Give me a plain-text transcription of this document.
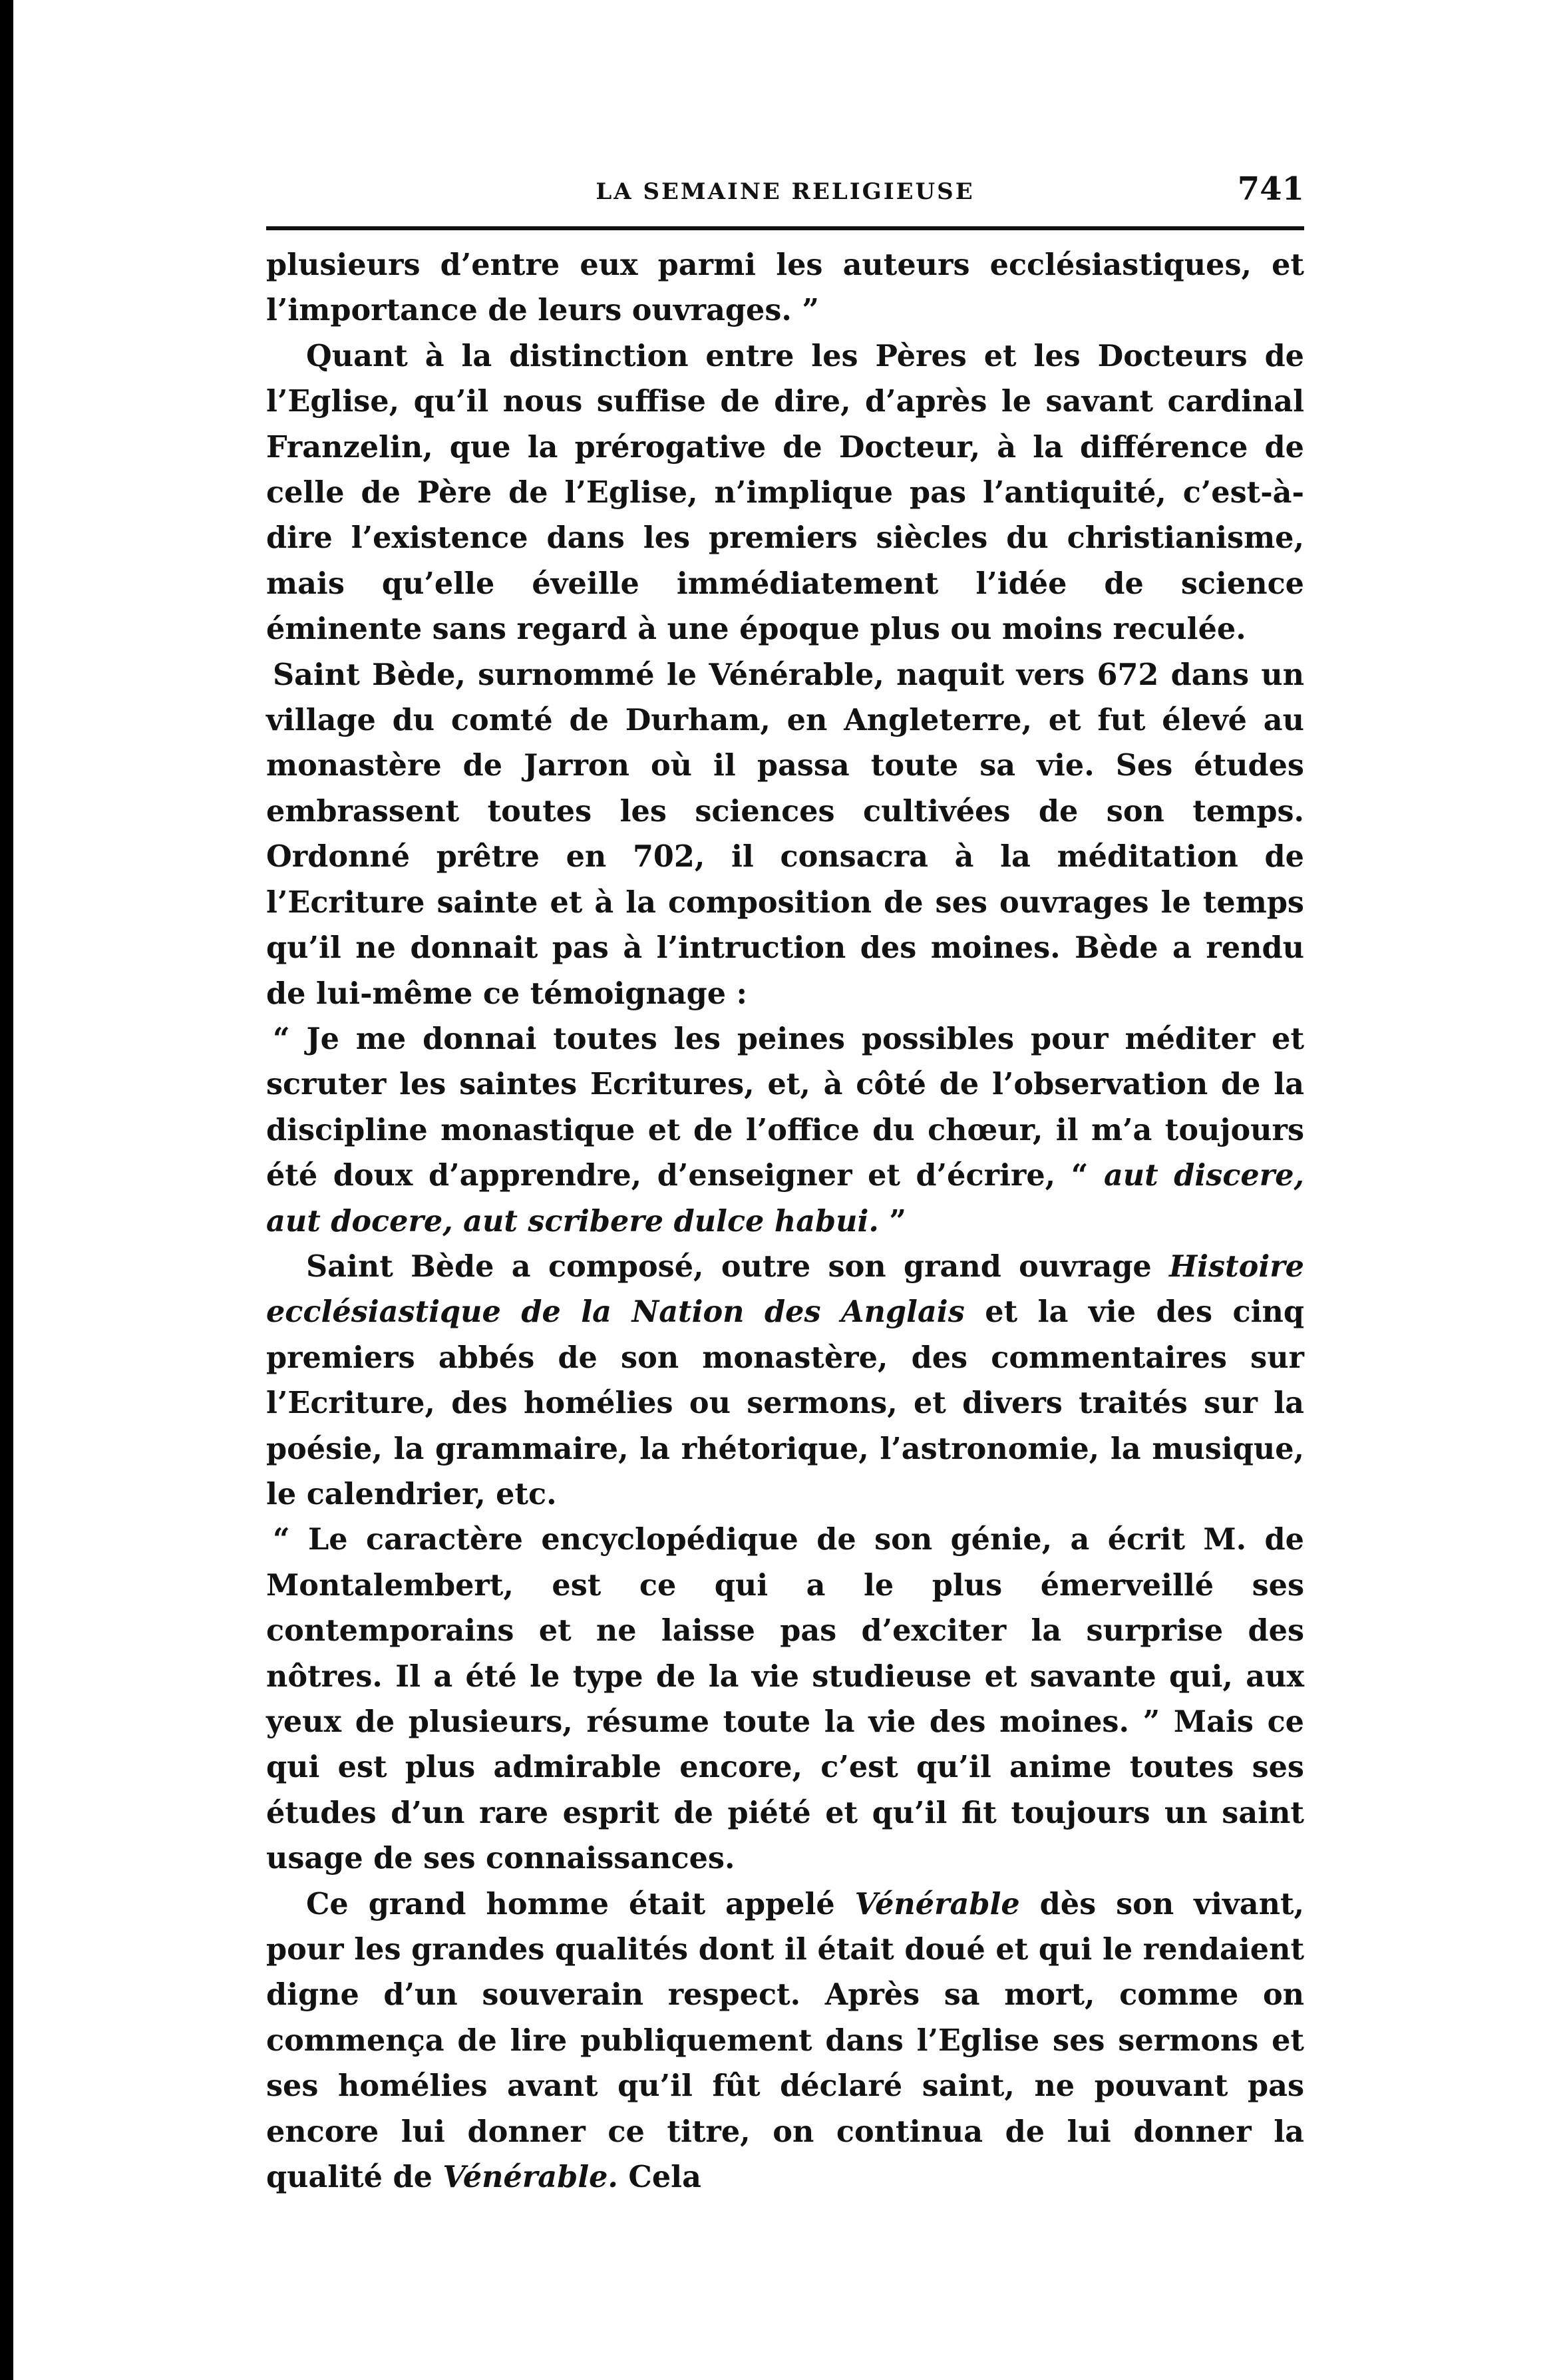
LA SEMAINE RELIGIEUSE	741

plusieurs d’entre eux parmi les auteurs ecclésiastiques, et l’importance de leurs ouvrages. ”

Quant à la distinction entre les Pères et les Docteurs de l’Eglise, qu’il nous suffise de dire, d’après le savant cardinal Franzelin, que la prérogative de Docteur, à la différence de celle de Père de l’Eglise, n’implique pas l’antiquité, c’est-à-dire l’existence dans les premiers siècles du christianisme, mais qu’elle éveille immédiatement l’idée de science éminente sans regard à une époque plus ou moins reculée.

Saint Bède, surnommé le Vénérable, naquit vers 672 dans un village du comté de Durham, en Angleterre, et fut élevé au monastère de Jarron où il passa toute sa vie. Ses études embrassent toutes les sciences cultivées de son temps. Ordonné prêtre en 702, il consacra à la méditation de l’Ecriture sainte et à la composition de ses ouvrages le temps qu’il ne donnait pas à l’intruction des moines. Bède a rendu de lui-même ce témoignage :

“ Je me donnai toutes les peines possibles pour méditer et scruter les saintes Ecritures, et, à côté de l’observation de la discipline monastique et de l’office du chœur, il m’a toujours été doux d’apprendre, d’enseigner et d’écrire, “ aut discere, aut docere, aut scribere dulce habui. ”

Saint Bède a composé, outre son grand ouvrage Histoire ecclésiastique de la Nation des Anglais et la vie des cinq premiers abbés de son monastère, des commentaires sur l’Ecriture, des homélies ou sermons, et divers traités sur la poésie, la grammaire, la rhétorique, l’astronomie, la musique, le calendrier, etc.

“ Le caractère encyclopédique de son génie, a écrit M. de Montalembert, est ce qui a le plus émerveillé ses contemporains et ne laisse pas d’exciter la surprise des nôtres. Il a été le type de la vie studieuse et savante qui, aux yeux de plusieurs, résume toute la vie des moines. ” Mais ce qui est plus admirable encore, c’est qu’il anime toutes ses études d’un rare esprit de piété et qu’il fit toujours un saint usage de ses connaissances.

Ce grand homme était appelé Vénérable dès son vivant, pour les grandes qualités dont il était doué et qui le rendaient digne d’un souverain respect. Après sa mort, comme on commença de lire publiquement dans l’Eglise ses sermons et ses homélies avant qu’il fût déclaré saint, ne pouvant pas encore lui donner ce titre, on continua de lui donner la qualité de Vénérable. Cela
